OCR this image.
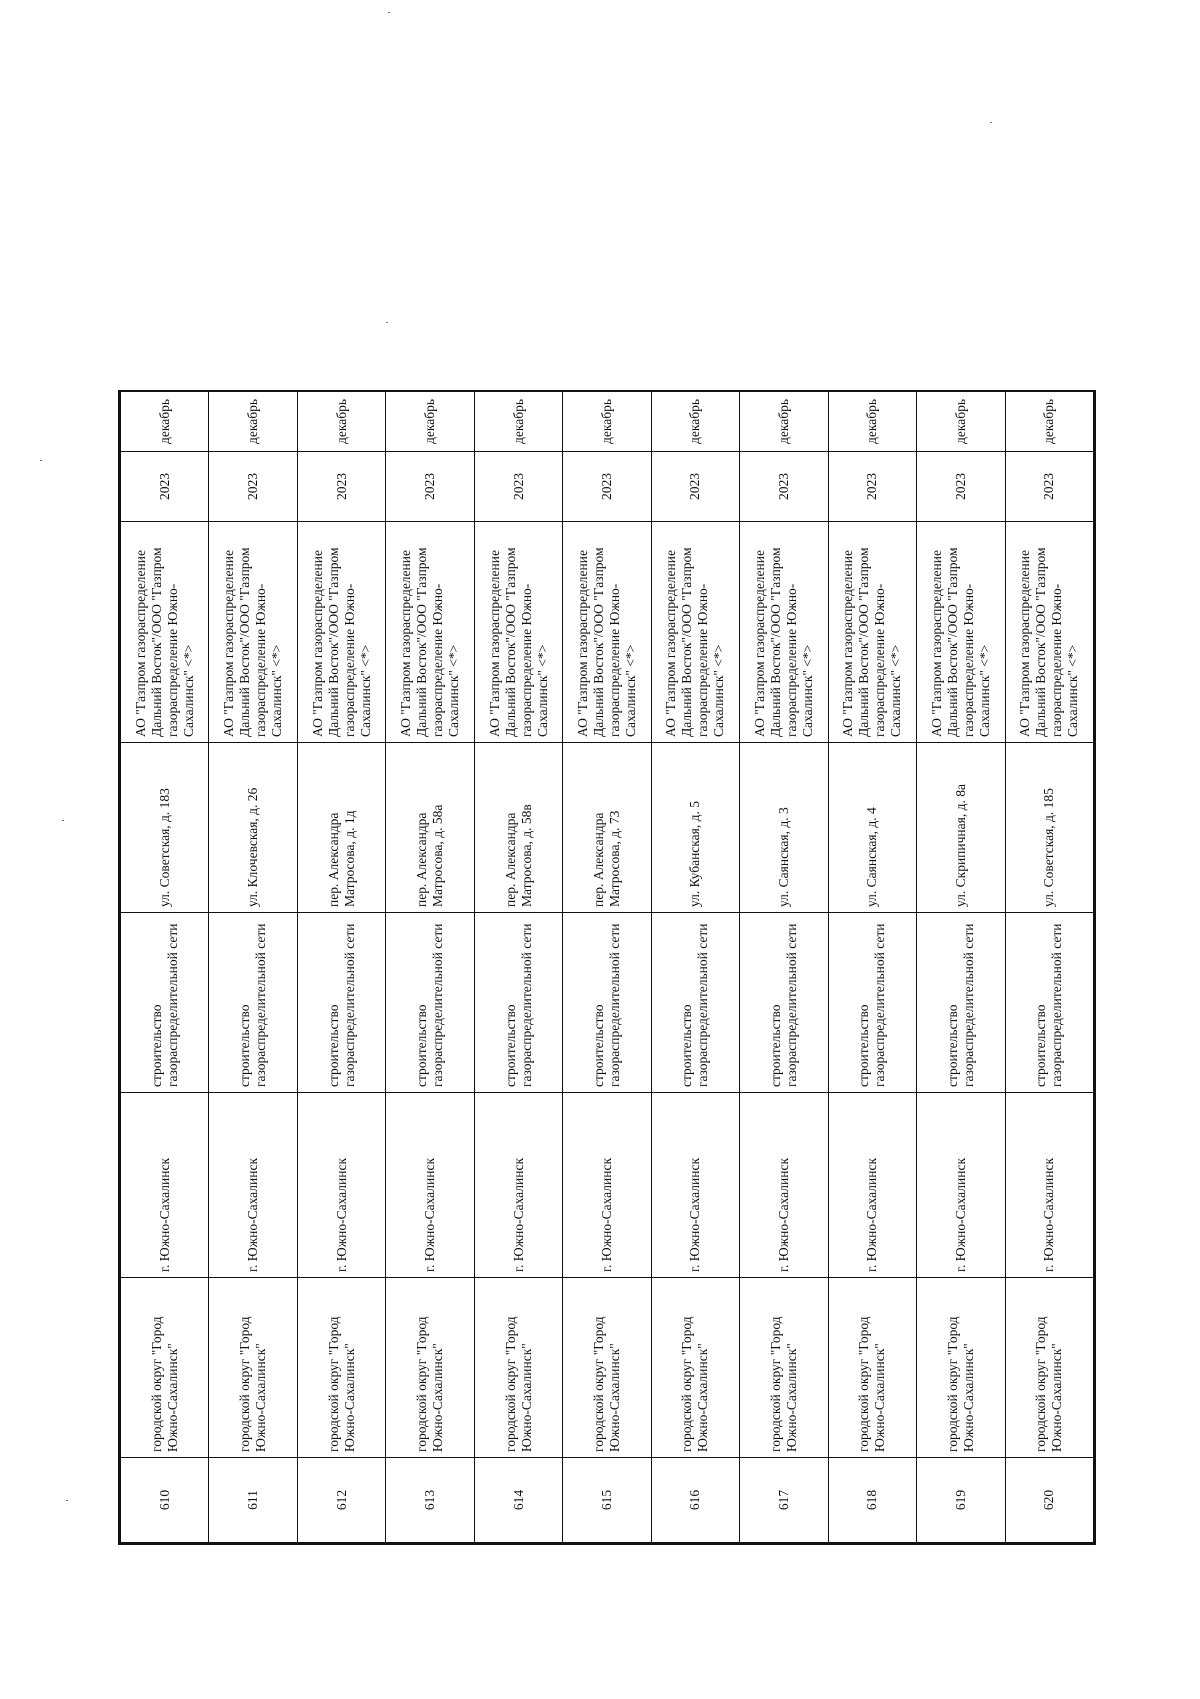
610	городской округ "Город Южно-Сахалинск"	г. Южно-Сахалинск	строительство газораспределительной сети	ул. Советская, д. 183	АО "Газпром газораспределение Дальний Восток"/ООО "Газпром газораспределение Южно-Сахалинск" <*>	2023	декабрь
611	городской округ "Город Южно-Сахалинск"	г. Южно-Сахалинск	строительство газораспределительной сети	ул. Клочевская, д. 26	АО "Газпром газораспределение Дальний Восток"/ООО "Газпром газораспределение Южно-Сахалинск" <*>	2023	декабрь
612	городской округ "Город Южно-Сахалинск"	г. Южно-Сахалинск	строительство газораспределительной сети	пер. Александра Матросова, д. 1д	АО "Газпром газораспределение Дальний Восток"/ООО "Газпром газораспределение Южно-Сахалинск" <*>	2023	декабрь
613	городской округ "Город Южно-Сахалинск"	г. Южно-Сахалинск	строительство газораспределительной сети	пер. Александра Матросова, д. 58а	АО "Газпром газораспределение Дальний Восток"/ООО "Газпром газораспределение Южно-Сахалинск" <*>	2023	декабрь
614	городской округ "Город Южно-Сахалинск"	г. Южно-Сахалинск	строительство газораспределительной сети	пер. Александра Матросова, д. 58в	АО "Газпром газораспределение Дальний Восток"/ООО "Газпром газораспределение Южно-Сахалинск" <*>	2023	декабрь
615	городской округ "Город Южно-Сахалинск"	г. Южно-Сахалинск	строительство газораспределительной сети	пер. Александра Матросова, д. 73	АО "Газпром газораспределение Дальний Восток"/ООО "Газпром газораспределение Южно-Сахалинск" <*>	2023	декабрь
616	городской округ "Город Южно-Сахалинск"	г. Южно-Сахалинск	строительство газораспределительной сети	ул. Кубанская, д. 5	АО "Газпром газораспределение Дальний Восток"/ООО "Газпром газораспределение Южно-Сахалинск" <*>	2023	декабрь
617	городской округ "Город Южно-Сахалинск"	г. Южно-Сахалинск	строительство газораспределительной сети	ул. Саянская, д. 3	АО "Газпром газораспределение Дальний Восток"/ООО "Газпром газораспределение Южно-Сахалинск" <*>	2023	декабрь
618	городской округ "Город Южно-Сахалинск"	г. Южно-Сахалинск	строительство газораспределительной сети	ул. Саянская, д. 4	АО "Газпром газораспределение Дальний Восток"/ООО "Газпром газораспределение Южно-Сахалинск" <*>	2023	декабрь
619	городской округ "Город Южно-Сахалинск"	г. Южно-Сахалинск	строительство газораспределительной сети	ул. Скрипичная, д. 8а	АО "Газпром газораспределение Дальний Восток"/ООО "Газпром газораспределение Южно-Сахалинск" <*>	2023	декабрь
620	городской округ "Город Южно-Сахалинск"	г. Южно-Сахалинск	строительство газораспределительной сети	ул. Советская, д. 185	АО "Газпром газораспределение Дальний Восток"/ООО "Газпром газораспределение Южно-Сахалинск" <*>	2023	декабрь
